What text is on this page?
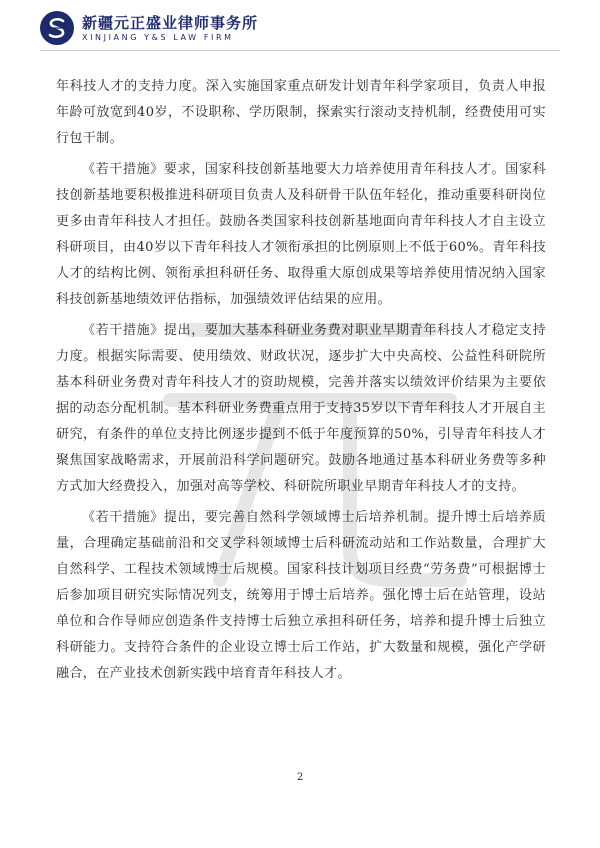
新疆元正盛业律师事务所
XINJIANG Y&S LAW FIRM

年科技人才的支持力度。深入实施国家重点研发计划青年科学家项目，负责人申报年龄可放宽到40岁，不设职称、学历限制，探索实行滚动支持机制，经费使用可实行包干制。

《若干措施》要求，国家科技创新基地要大力培养使用青年科技人才。国家科技创新基地要积极推进科研项目负责人及科研骨干队伍年轻化，推动重要科研岗位更多由青年科技人才担任。鼓励各类国家科技创新基地面向青年科技人才自主设立科研项目，由40岁以下青年科技人才领衔承担的比例原则上不低于60%。青年科技人才的结构比例、领衔承担科研任务、取得重大原创成果等培养使用情况纳入国家科技创新基地绩效评估指标，加强绩效评估结果的应用。

《若干措施》提出，要加大基本科研业务费对职业早期青年科技人才稳定支持力度。根据实际需要、使用绩效、财政状况，逐步扩大中央高校、公益性科研院所基本科研业务费对青年科技人才的资助规模，完善并落实以绩效评价结果为主要依据的动态分配机制。基本科研业务费重点用于支持35岁以下青年科技人才开展自主研究，有条件的单位支持比例逐步提到不低于年度预算的50%，引导青年科技人才聚焦国家战略需求，开展前沿科学问题研究。鼓励各地通过基本科研业务费等多种方式加大经费投入，加强对高等学校、科研院所职业早期青年科技人才的支持。

《若干措施》提出，要完善自然科学领域博士后培养机制。提升博士后培养质量，合理确定基础前沿和交叉学科领域博士后科研流动站和工作站数量，合理扩大自然科学、工程技术领域博士后规模。国家科技计划项目经费“劳务费”可根据博士后参加项目研究实际情况列支，统筹用于博士后培养。强化博士后在站管理，设站单位和合作导师应创造条件支持博士后独立承担科研任务，培养和提升博士后独立科研能力。支持符合条件的企业设立博士后工作站，扩大数量和规模，强化产学研融合，在产业技术创新实践中培育青年科技人才。

2
